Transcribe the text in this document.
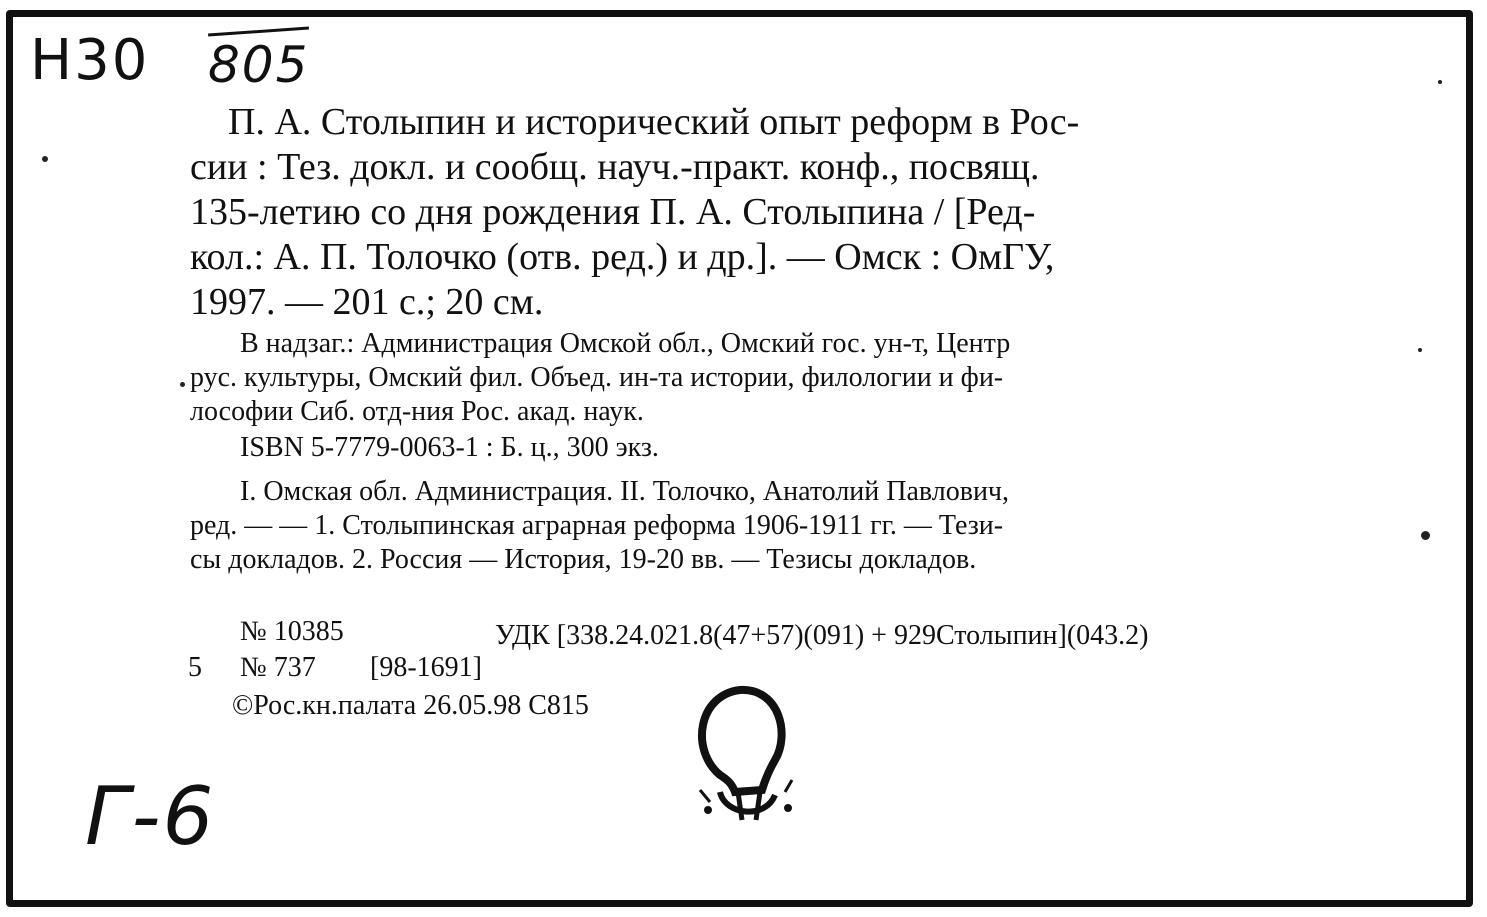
Н30 805

П. А. Столыпин и исторический опыт реформ в Рос-

сии : Тез. докл. и сообщ. науч.-практ. конф., посвящ.

135-летию со дня рождения П. А. Столыпина / [Ред-

кол.: А. П. Толочко (отв. ред.) и др.]. — Омск : ОмГУ,

1997. — 201 с.; 20 см.

В надзаг.: Администрация Омской обл., Омский гос. ун-т, Центр

рус. культуры, Омский фил. Объед. ин-та истории, филологии и фи-

лософии Сиб. отд-ния Рос. акад. наук.

ISBN 5-7779-0063-1 : Б. ц., 300 экз.

I. Омская обл. Администрация. II. Толочко, Анатолий Павлович,

ред. — — 1. Столыпинская аграрная реформа 1906-1911 гг. — Тези-

сы докладов. 2. Россия — История, 19-20 вв. — Тезисы докладов.

№ 10385	УДК [338.24.021.8(47+57)(091) + 929Столыпин](043.2)

5 № 737 [98-1691]

©Рос.кн.палата 26.05.98 С815

Г-6
